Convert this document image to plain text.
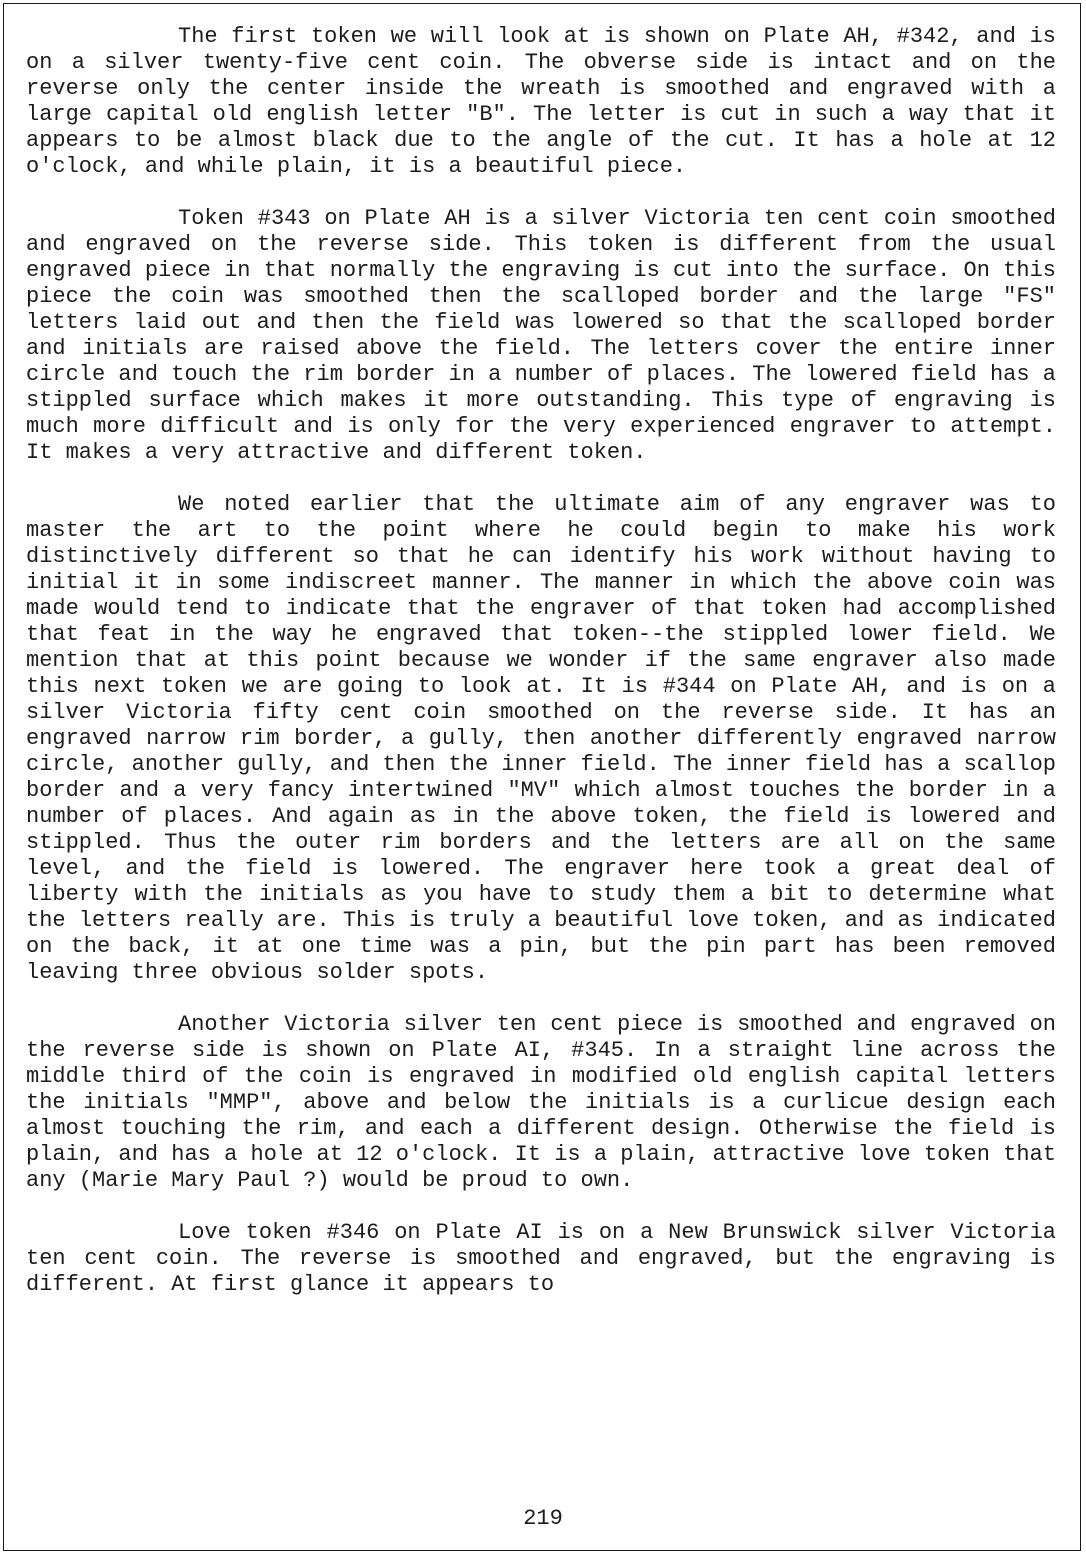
The first token we will look at is shown on Plate AH, #342, and is on a silver twenty-five cent coin. The obverse side is intact and on the reverse only the center inside the wreath is smoothed and engraved with a large capital old english letter "B". The letter is cut in such a way that it appears to be almost black due to the angle of the cut. It has a hole at 12 o'clock, and while plain, it is a beautiful piece.

Token #343 on Plate AH is a silver Victoria ten cent coin smoothed and engraved on the reverse side. This token is different from the usual engraved piece in that normally the engraving is cut into the surface. On this piece the coin was smoothed then the scalloped border and the large "FS" letters laid out and then the field was lowered so that the scalloped border and initials are raised above the field. The letters cover the entire inner circle and touch the rim border in a number of places. The lowered field has a stippled surface which makes it more outstanding. This type of engraving is much more difficult and is only for the very experienced engraver to attempt. It makes a very attractive and different token.

We noted earlier that the ultimate aim of any engraver was to master the art to the point where he could begin to make his work distinctively different so that he can identify his work without having to initial it in some indiscreet manner. The manner in which the above coin was made would tend to indicate that the engraver of that token had accomplished that feat in the way he engraved that token--the stippled lower field. We mention that at this point because we wonder if the same engraver also made this next token we are going to look at. It is #344 on Plate AH, and is on a silver Victoria fifty cent coin smoothed on the reverse side. It has an engraved narrow rim border, a gully, then another differently engraved narrow circle, another gully, and then the inner field. The inner field has a scallop border and a very fancy intertwined "MV" which almost touches the border in a number of places. And again as in the above token, the field is lowered and stippled. Thus the outer rim borders and the letters are all on the same level, and the field is lowered. The engraver here took a great deal of liberty with the initials as you have to study them a bit to determine what the letters really are. This is truly a beautiful love token, and as indicated on the back, it at one time was a pin, but the pin part has been removed leaving three obvious solder spots.

Another Victoria silver ten cent piece is smoothed and engraved on the reverse side is shown on Plate AI, #345. In a straight line across the middle third of the coin is engraved in modified old english capital letters the initials "MMP", above and below the initials is a curlicue design each almost touching the rim, and each a different design. Otherwise the field is plain, and has a hole at 12 o'clock. It is a plain, attractive love token that any (Marie Mary Paul ?) would be proud to own.

Love token #346 on Plate AI is on a New Brunswick silver Victoria ten cent coin. The reverse is smoothed and engraved, but the engraving is different. At first glance it appears to

219
